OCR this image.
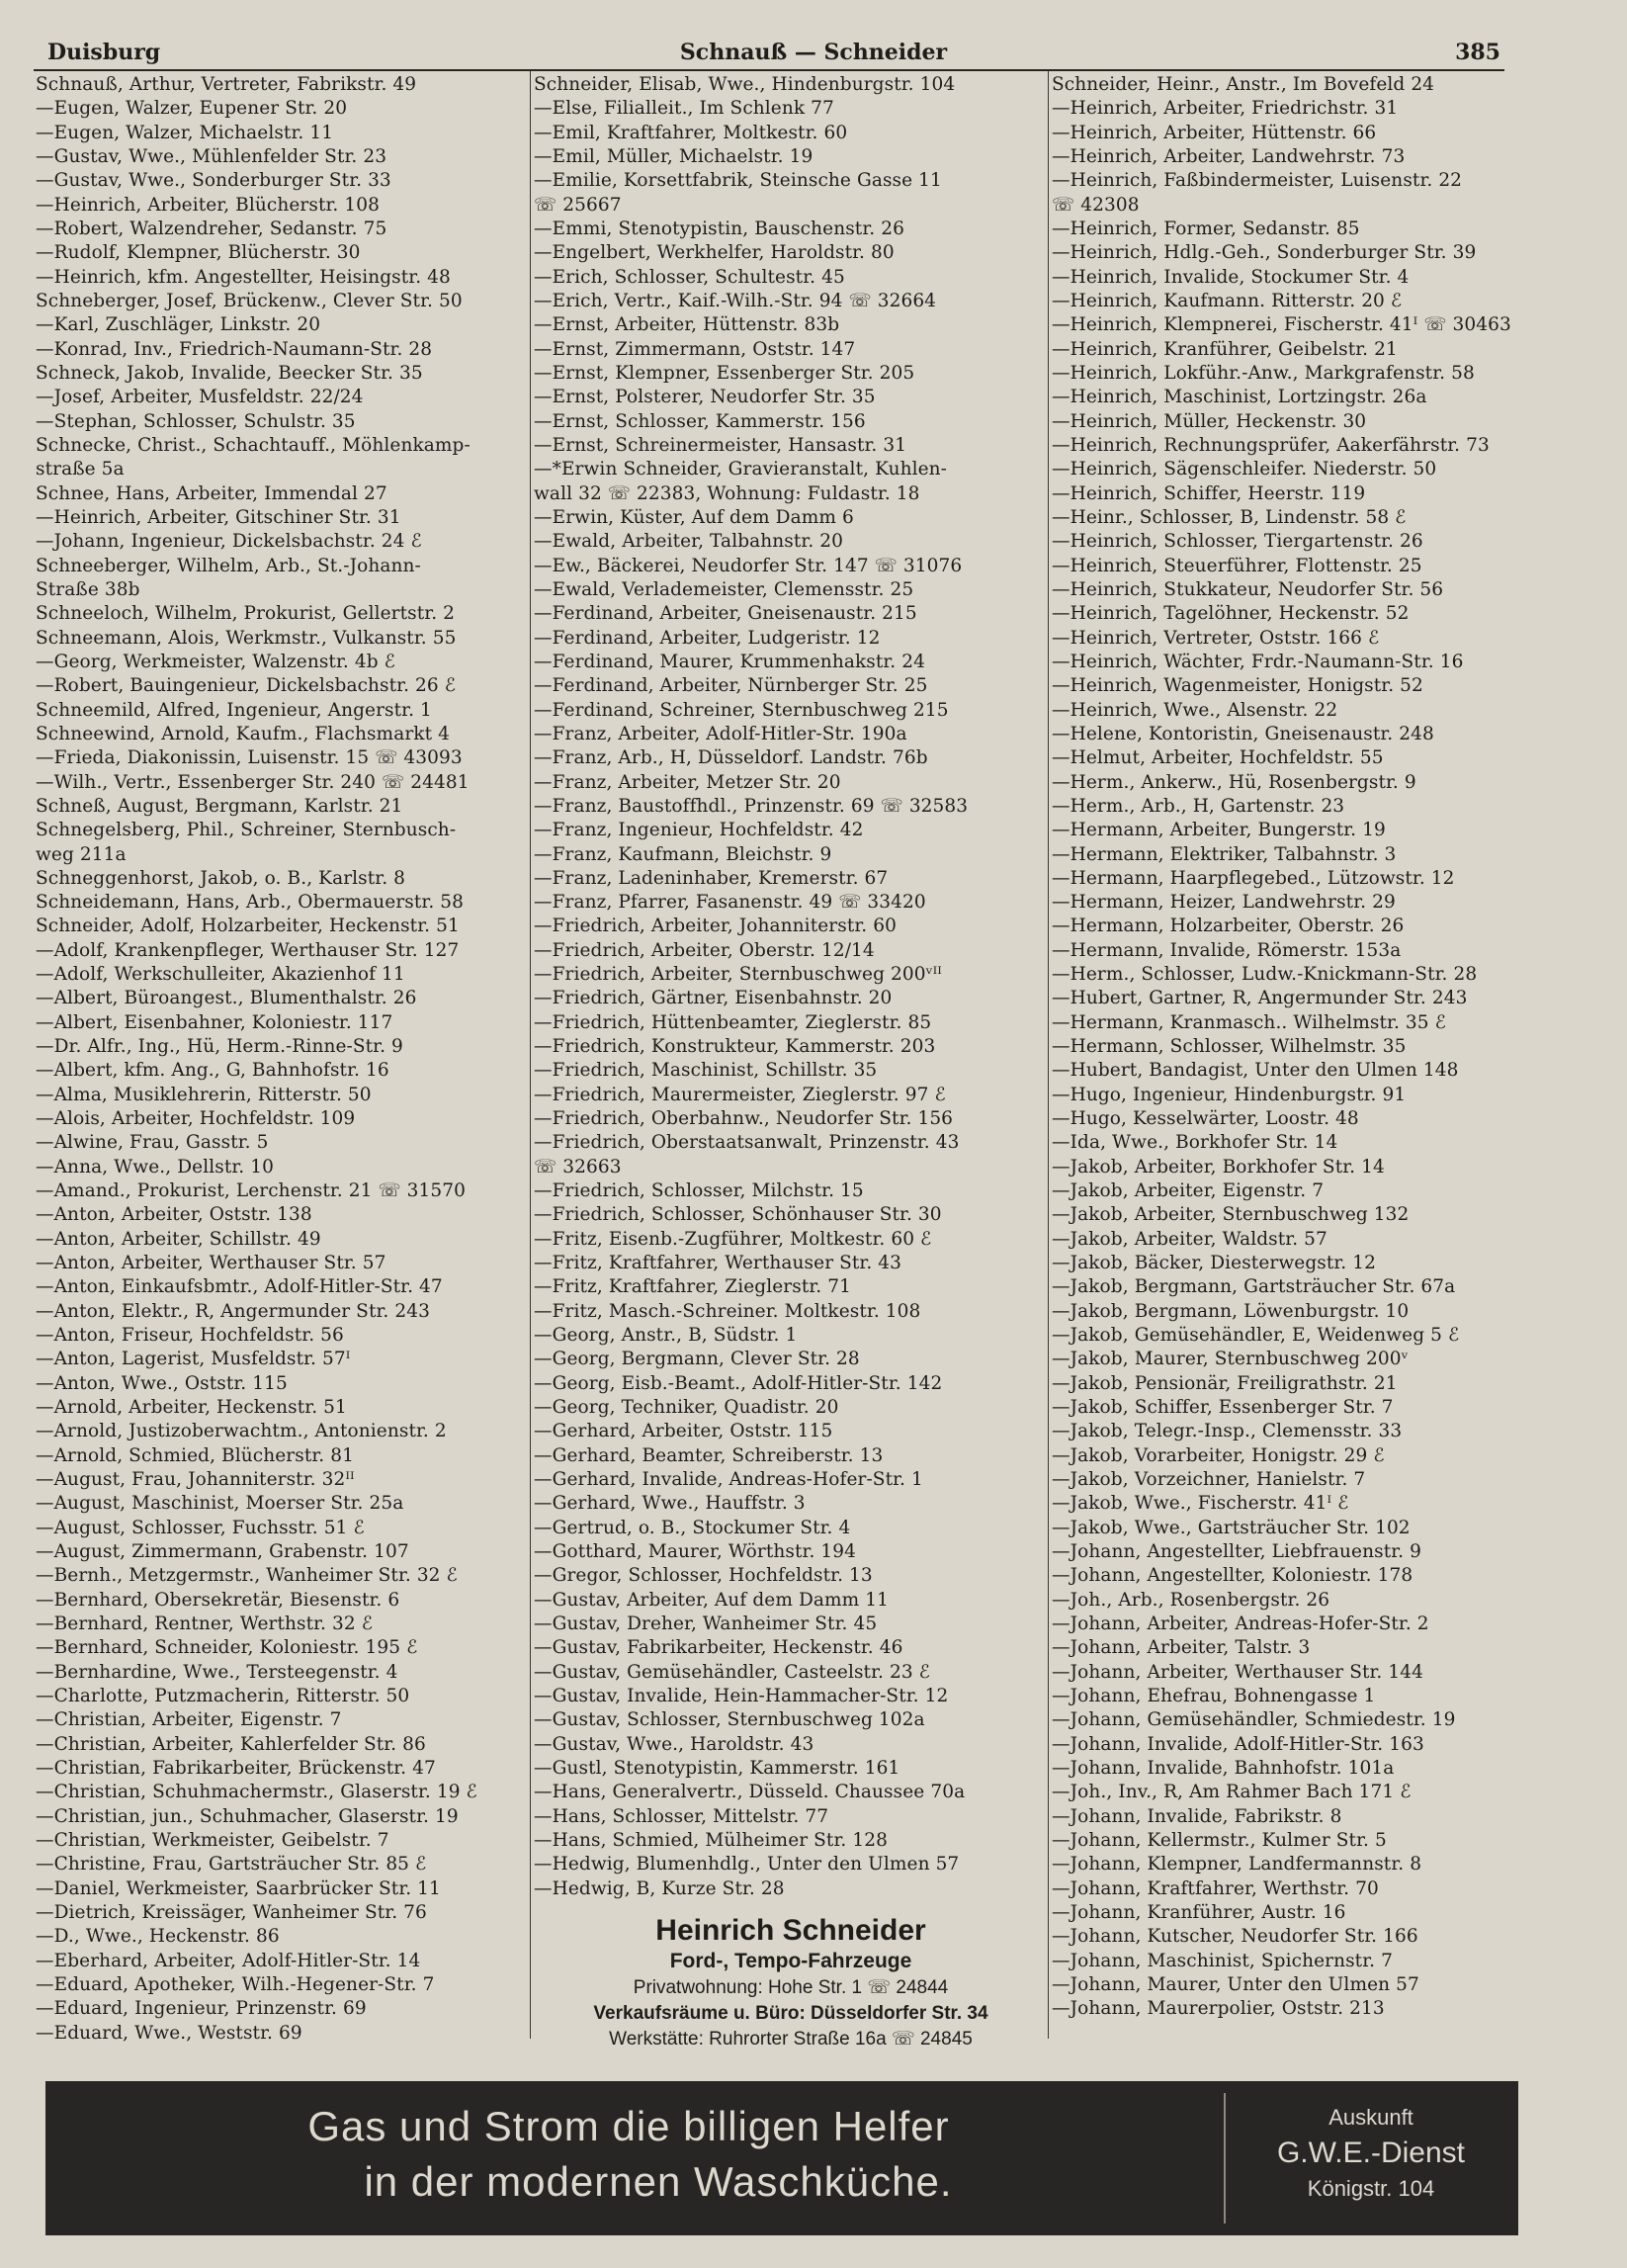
Duisburg	Schnauß — Schneider	385
Schnauß, Arthur, Vertreter, Fabrikstr. 49
—Eugen, Walzer, Eupener Str. 20
—Eugen, Walzer, Michaelstr. 11
—Gustav, Wwe., Mühlenfelder Str. 23
—Gustav, Wwe., Sonderburger Str. 33
—Heinrich, Arbeiter, Blücherstr. 108
—Robert, Walzendreher, Sedanstr. 75
—Rudolf, Klempner, Blücherstr. 30
—Heinrich, kfm. Angestellter, Heisingstr. 48
Schneberger, Josef, Brückenw., Clever Str. 50
—Karl, Zuschläger, Linkstr. 20
—Konrad, Inv., Friedrich-Naumann-Str. 28
Schneck, Jakob, Invalide, Beecker Str. 35
—Josef, Arbeiter, Musfeldstr. 22/24
—Stephan, Schlosser, Schulstr. 35
Schnecke, Christ., Schachtauff., Möhlenkamp-
straße 5a
Schnee, Hans, Arbeiter, Immendal 27
—Heinrich, Arbeiter, Gitschiner Str. 31
—Johann, Ingenieur, Dickelsbachstr. 24 ℰ
Schneeberger, Wilhelm, Arb., St.-Johann-
Straße 38b
Schneeloch, Wilhelm, Prokurist, Gellertstr. 2
Schneemann, Alois, Werkmstr., Vulkanstr. 55
—Georg, Werkmeister, Walzenstr. 4b ℰ
—Robert, Bauingenieur, Dickelsbachstr. 26 ℰ
Schneemild, Alfred, Ingenieur, Angerstr. 1
Schneewind, Arnold, Kaufm., Flachsmarkt 4
—Frieda, Diakonissin, Luisenstr. 15 ☏ 43093
—Wilh., Vertr., Essenberger Str. 240 ☏ 24481
Schneß, August, Bergmann, Karlstr. 21
Schnegelsberg, Phil., Schreiner, Sternbusch-
weg 211a
Schneggenhorst, Jakob, o. B., Karlstr. 8
Schneidemann, Hans, Arb., Obermauerstr. 58
Schneider, Adolf, Holzarbeiter, Heckenstr. 51
—Adolf, Krankenpfleger, Werthauser Str. 127
—Adolf, Werkschulleiter, Akazienhof 11
—Albert, Büroangest., Blumenthalstr. 26
—Albert, Eisenbahner, Koloniestr. 117
—Dr. Alfr., Ing., Hü, Herm.-Rinne-Str. 9
—Albert, kfm. Ang., G, Bahnhofstr. 16
—Alma, Musiklehrerin, Ritterstr. 50
—Alois, Arbeiter, Hochfeldstr. 109
—Alwine, Frau, Gasstr. 5
—Anna, Wwe., Dellstr. 10
—Amand., Prokurist, Lerchenstr. 21 ☏ 31570
—Anton, Arbeiter, Oststr. 138
—Anton, Arbeiter, Schillstr. 49
—Anton, Arbeiter, Werthauser Str. 57
—Anton, Einkaufsbmtr., Adolf-Hitler-Str. 47
—Anton, Elektr., R, Angermunder Str. 243
—Anton, Friseur, Hochfeldstr. 56
—Anton, Lagerist, Musfeldstr. 57ᴵ
—Anton, Wwe., Oststr. 115
—Arnold, Arbeiter, Heckenstr. 51
—Arnold, Justizoberwachtm., Antonienstr. 2
—Arnold, Schmied, Blücherstr. 81
—August, Frau, Johanniterstr. 32ᴵᴵ
—August, Maschinist, Moerser Str. 25a
—August, Schlosser, Fuchsstr. 51 ℰ
—August, Zimmermann, Grabenstr. 107
—Bernh., Metzgermstr., Wanheimer Str. 32 ℰ
—Bernhard, Obersekretär, Biesenstr. 6
—Bernhard, Rentner, Werthstr. 32 ℰ
—Bernhard, Schneider, Koloniestr. 195 ℰ
—Bernhardine, Wwe., Tersteegenstr. 4
—Charlotte, Putzmacherin, Ritterstr. 50
—Christian, Arbeiter, Eigenstr. 7
—Christian, Arbeiter, Kahlerfelder Str. 86
—Christian, Fabrikarbeiter, Brückenstr. 47
—Christian, Schuhmachermstr., Glaserstr. 19 ℰ
—Christian, jun., Schuhmacher, Glaserstr. 19
—Christian, Werkmeister, Geibelstr. 7
—Christine, Frau, Gartsträucher Str. 85 ℰ
—Daniel, Werkmeister, Saarbrücker Str. 11
—Dietrich, Kreissäger, Wanheimer Str. 76
—D., Wwe., Heckenstr. 86
—Eberhard, Arbeiter, Adolf-Hitler-Str. 14
—Eduard, Apotheker, Wilh.-Hegener-Str. 7
—Eduard, Ingenieur, Prinzenstr. 69
—Eduard, Wwe., Weststr. 69
Schneider, Elisab, Wwe., Hindenburgstr. 104
—Else, Filialleit., Im Schlenk 77
—Emil, Kraftfahrer, Moltkestr. 60
—Emil, Müller, Michaelstr. 19
—Emilie, Korsettfabrik, Steinsche Gasse 11
☏ 25667
—Emmi, Stenotypistin, Bauschenstr. 26
—Engelbert, Werkhelfer, Haroldstr. 80
—Erich, Schlosser, Schultestr. 45
—Erich, Vertr., Kaif.-Wilh.-Str. 94 ☏ 32664
—Ernst, Arbeiter, Hüttenstr. 83b
—Ernst, Zimmermann, Oststr. 147
—Ernst, Klempner, Essenberger Str. 205
—Ernst, Polsterer, Neudorfer Str. 35
—Ernst, Schlosser, Kammerstr. 156
—Ernst, Schreinermeister, Hansastr. 31
—*Erwin Schneider, Gravieranstalt, Kuhlen-
wall 32 ☏ 22383, Wohnung: Fuldastr. 18
—Erwin, Küster, Auf dem Damm 6
—Ewald, Arbeiter, Talbahnstr. 20
—Ew., Bäckerei, Neudorfer Str. 147 ☏ 31076
—Ewald, Verlademeister, Clemensstr. 25
—Ferdinand, Arbeiter, Gneisenaustr. 215
—Ferdinand, Arbeiter, Ludgeristr. 12
—Ferdinand, Maurer, Krummenhakstr. 24
—Ferdinand, Arbeiter, Nürnberger Str. 25
—Ferdinand, Schreiner, Sternbuschweg 215
—Franz, Arbeiter, Adolf-Hitler-Str. 190a
—Franz, Arb., H, Düsseldorf. Landstr. 76b
—Franz, Arbeiter, Metzer Str. 20
—Franz, Baustoffhdl., Prinzenstr. 69 ☏ 32583
—Franz, Ingenieur, Hochfeldstr. 42
—Franz, Kaufmann, Bleichstr. 9
—Franz, Ladeninhaber, Kremerstr. 67
—Franz, Pfarrer, Fasanenstr. 49 ☏ 33420
—Friedrich, Arbeiter, Johanniterstr. 60
—Friedrich, Arbeiter, Oberstr. 12/14
—Friedrich, Arbeiter, Sternbuschweg 200ᵛᴵᴵ
—Friedrich, Gärtner, Eisenbahnstr. 20
—Friedrich, Hüttenbeamter, Zieglerstr. 85
—Friedrich, Konstrukteur, Kammerstr. 203
—Friedrich, Maschinist, Schillstr. 35
—Friedrich, Maurermeister, Zieglerstr. 97 ℰ
—Friedrich, Oberbahnw., Neudorfer Str. 156
—Friedrich, Oberstaatsanwalt, Prinzenstr. 43
☏ 32663
—Friedrich, Schlosser, Milchstr. 15
—Friedrich, Schlosser, Schönhauser Str. 30
—Fritz, Eisenb.-Zugführer, Moltkestr. 60 ℰ
—Fritz, Kraftfahrer, Werthauser Str. 43
—Fritz, Kraftfahrer, Zieglerstr. 71
—Fritz, Masch.-Schreiner. Moltkestr. 108
—Georg, Anstr., B, Südstr. 1
—Georg, Bergmann, Clever Str. 28
—Georg, Eisb.-Beamt., Adolf-Hitler-Str. 142
—Georg, Techniker, Quadistr. 20
—Gerhard, Arbeiter, Oststr. 115
—Gerhard, Beamter, Schreiberstr. 13
—Gerhard, Invalide, Andreas-Hofer-Str. 1
—Gerhard, Wwe., Hauffstr. 3
—Gertrud, o. B., Stockumer Str. 4
—Gotthard, Maurer, Wörthstr. 194
—Gregor, Schlosser, Hochfeldstr. 13
—Gustav, Arbeiter, Auf dem Damm 11
—Gustav, Dreher, Wanheimer Str. 45
—Gustav, Fabrikarbeiter, Heckenstr. 46
—Gustav, Gemüsehändler, Casteelstr. 23 ℰ
—Gustav, Invalide, Hein-Hammacher-Str. 12
—Gustav, Schlosser, Sternbuschweg 102a
—Gustav, Wwe., Haroldstr. 43
—Gustl, Stenotypistin, Kammerstr. 161
—Hans, Generalvertr., Düsseld. Chaussee 70a
—Hans, Schlosser, Mittelstr. 77
—Hans, Schmied, Mülheimer Str. 128
—Hedwig, Blumenhdlg., Unter den Ulmen 57
—Hedwig, B, Kurze Str. 28
Schneider, Heinr., Anstr., Im Bovefeld 24
—Heinrich, Arbeiter, Friedrichstr. 31
—Heinrich, Arbeiter, Hüttenstr. 66
—Heinrich, Arbeiter, Landwehrstr. 73
—Heinrich, Faßbindermeister, Luisenstr. 22
☏ 42308
—Heinrich, Former, Sedanstr. 85
—Heinrich, Hdlg.-Geh., Sonderburger Str. 39
—Heinrich, Invalide, Stockumer Str. 4
—Heinrich, Kaufmann. Ritterstr. 20 ℰ
—Heinrich, Klempnerei, Fischerstr. 41ᴵ ☏ 30463
—Heinrich, Kranführer, Geibelstr. 21
—Heinrich, Lokführ.-Anw., Markgrafenstr. 58
—Heinrich, Maschinist, Lortzingstr. 26a
—Heinrich, Müller, Heckenstr. 30
—Heinrich, Rechnungsprüfer, Aakerfährstr. 73
—Heinrich, Sägenschleifer. Niederstr. 50
—Heinrich, Schiffer, Heerstr. 119
—Heinr., Schlosser, B, Lindenstr. 58 ℰ
—Heinrich, Schlosser, Tiergartenstr. 26
—Heinrich, Steuerführer, Flottenstr. 25
—Heinrich, Stukkateur, Neudorfer Str. 56
—Heinrich, Tagelöhner, Heckenstr. 52
—Heinrich, Vertreter, Oststr. 166 ℰ
—Heinrich, Wächter, Frdr.-Naumann-Str. 16
—Heinrich, Wagenmeister, Honigstr. 52
—Heinrich, Wwe., Alsenstr. 22
—Helene, Kontoristin, Gneisenaustr. 248
—Helmut, Arbeiter, Hochfeldstr. 55
—Herm., Ankerw., Hü, Rosenbergstr. 9
—Herm., Arb., H, Gartenstr. 23
—Hermann, Arbeiter, Bungerstr. 19
—Hermann, Elektriker, Talbahnstr. 3
—Hermann, Haarpflegebed., Lützowstr. 12
—Hermann, Heizer, Landwehrstr. 29
—Hermann, Holzarbeiter, Oberstr. 26
—Hermann, Invalide, Römerstr. 153a
—Herm., Schlosser, Ludw.-Knickmann-Str. 28
—Hubert, Gartner, R, Angermunder Str. 243
—Hermann, Kranmasch.. Wilhelmstr. 35 ℰ
—Hermann, Schlosser, Wilhelmstr. 35
—Hubert, Bandagist, Unter den Ulmen 148
—Hugo, Ingenieur, Hindenburgstr. 91
—Hugo, Kesselwärter, Loostr. 48
—Ida, Wwe., Borkhofer Str. 14
—Jakob, Arbeiter, Borkhofer Str. 14
—Jakob, Arbeiter, Eigenstr. 7
—Jakob, Arbeiter, Sternbuschweg 132
—Jakob, Arbeiter, Waldstr. 57
—Jakob, Bäcker, Diesterwegstr. 12
—Jakob, Bergmann, Gartsträucher Str. 67a
—Jakob, Bergmann, Löwenburgstr. 10
—Jakob, Gemüsehändler, E, Weidenweg 5 ℰ
—Jakob, Maurer, Sternbuschweg 200ᵛ
—Jakob, Pensionär, Freiligrathstr. 21
—Jakob, Schiffer, Essenberger Str. 7
—Jakob, Telegr.-Insp., Clemensstr. 33
—Jakob, Vorarbeiter, Honigstr. 29 ℰ
—Jakob, Vorzeichner, Hanielstr. 7
—Jakob, Wwe., Fischerstr. 41ᴵ ℰ
—Jakob, Wwe., Gartsträucher Str. 102
—Johann, Angestellter, Liebfrauenstr. 9
—Johann, Angestellter, Koloniestr. 178
—Joh., Arb., Rosenbergstr. 26
—Johann, Arbeiter, Andreas-Hofer-Str. 2
—Johann, Arbeiter, Talstr. 3
—Johann, Arbeiter, Werthauser Str. 144
—Johann, Ehefrau, Bohnengasse 1
—Johann, Gemüsehändler, Schmiedestr. 19
—Johann, Invalide, Adolf-Hitler-Str. 163
—Johann, Invalide, Bahnhofstr. 101a
—Joh., Inv., R, Am Rahmer Bach 171 ℰ
—Johann, Invalide, Fabrikstr. 8
—Johann, Kellermstr., Kulmer Str. 5
—Johann, Klempner, Landfermannstr. 8
—Johann, Kraftfahrer, Werthstr. 70
—Johann, Kranführer, Austr. 16
—Johann, Kutscher, Neudorfer Str. 166
—Johann, Maschinist, Spichernstr. 7
—Johann, Maurer, Unter den Ulmen 57
—Johann, Maurerpolier, Oststr. 213
Heinrich Schneider
Ford-, Tempo-Fahrzeuge
Privatwohnung: Hohe Str. 1 ☏ 24844
Verkaufsräume u. Büro: Düsseldorfer Str. 34
Werkstätte: Ruhrorter Straße 16a ☏ 24845
Gas und Strom die billigen Helfer
in der modernen Waschküche.
Auskunft
G.W.E.-Dienst
Königstr. 104
